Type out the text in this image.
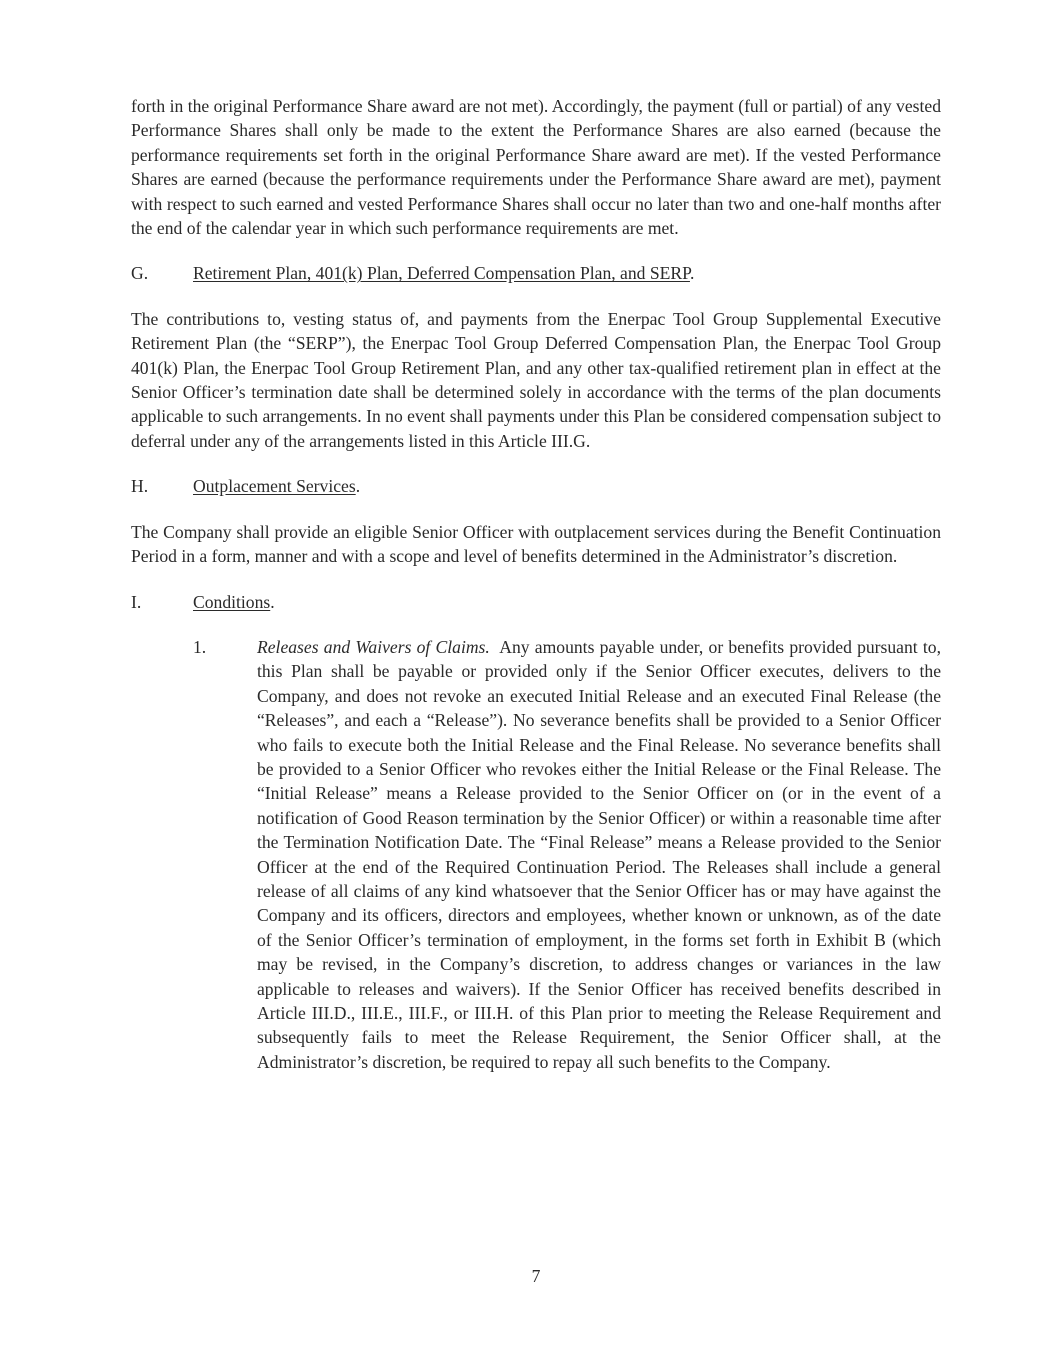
forth in the original Performance Share award are not met). Accordingly, the payment (full or partial) of any vested Performance Shares shall only be made to the extent the Performance Shares are also earned (because the performance requirements set forth in the original Performance Share award are met). If the vested Performance Shares are earned (because the performance requirements under the Performance Share award are met), payment with respect to such earned and vested Performance Shares shall occur no later than two and one-half months after the end of the calendar year in which such performance requirements are met.

G.	Retirement Plan, 401(k) Plan, Deferred Compensation Plan, and SERP.

The contributions to, vesting status of, and payments from the Enerpac Tool Group Supplemental Executive Retirement Plan (the “SERP”), the Enerpac Tool Group Deferred Compensation Plan, the Enerpac Tool Group 401(k) Plan, the Enerpac Tool Group Retirement Plan, and any other tax-qualified retirement plan in effect at the Senior Officer’s termination date shall be determined solely in accordance with the terms of the plan documents applicable to such arrangements. In no event shall payments under this Plan be considered compensation subject to deferral under any of the arrangements listed in this Article III.G.

H.	Outplacement Services.

The Company shall provide an eligible Senior Officer with outplacement services during the Benefit Continuation Period in a form, manner and with a scope and level of benefits determined in the Administrator’s discretion.

I.	Conditions.
1.	Releases and Waivers of Claims. Any amounts payable under, or benefits provided pursuant to, this Plan shall be payable or provided only if the Senior Officer executes, delivers to the Company, and does not revoke an executed Initial Release and an executed Final Release (the “Releases”, and each a “Release”). No severance benefits shall be provided to a Senior Officer who fails to execute both the Initial Release and the Final Release. No severance benefits shall be provided to a Senior Officer who revokes either the Initial Release or the Final Release. The “Initial Release” means a Release provided to the Senior Officer on (or in the event of a notification of Good Reason termination by the Senior Officer) or within a reasonable time after the Termination Notification Date. The “Final Release” means a Release provided to the Senior Officer at the end of the Required Continuation Period. The Releases shall include a general release of all claims of any kind whatsoever that the Senior Officer has or may have against the Company and its officers, directors and employees, whether known or unknown, as of the date of the Senior Officer’s termination of employment, in the forms set forth in Exhibit B (which may be revised, in the Company’s discretion, to address changes or variances in the law applicable to releases and waivers). If the Senior Officer has received benefits described in Article III.D., III.E., III.F., or III.H. of this Plan prior to meeting the Release Requirement and subsequently fails to meet the Release Requirement, the Senior Officer shall, at the Administrator’s discretion, be required to repay all such benefits to the Company.

7
